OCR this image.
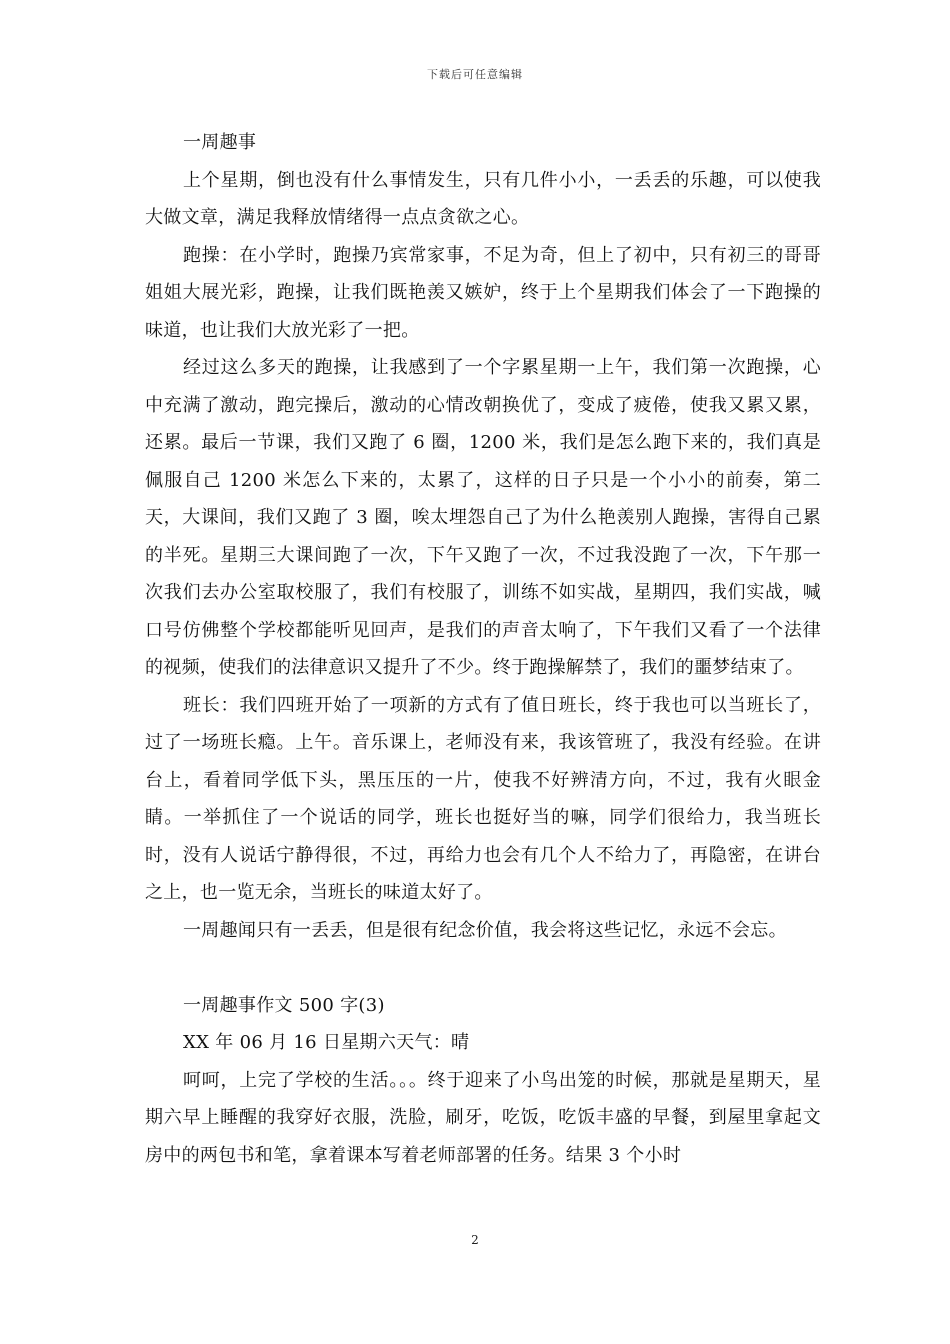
下载后可任意编辑

一周趣事

上个星期，倒也没有什么事情发生，只有几件小小，一丢丢的乐趣，可以使我大做文章，满足我释放情绪得一点点贪欲之心。

跑操：在小学时，跑操乃宾常家事，不足为奇，但上了初中，只有初三的哥哥姐姐大展光彩，跑操，让我们既艳羡又嫉妒，终于上个星期我们体会了一下跑操的味道，也让我们大放光彩了一把。

经过这么多天的跑操，让我感到了一个字累星期一上午，我们第一次跑操，心中充满了激动，跑完操后，激动的心情改朝换优了，变成了疲倦，使我又累又累，还累。最后一节课，我们又跑了 6 圈，1200 米，我们是怎么跑下来的，我们真是佩服自己 1200 米怎么下来的，太累了，这样的日子只是一个小小的前奏，第二天，大课间，我们又跑了 3 圈，唉太埋怨自己了为什么艳羡别人跑操，害得自己累的半死。星期三大课间跑了一次，下午又跑了一次，不过我没跑了一次，下午那一次我们去办公室取校服了，我们有校服了，训练不如实战，星期四，我们实战，喊口号仿佛整个学校都能听见回声，是我们的声音太响了，下午我们又看了一个法律的视频，使我们的法律意识又提升了不少。终于跑操解禁了，我们的噩梦结束了。

班长：我们四班开始了一项新的方式有了值日班长，终于我也可以当班长了，过了一场班长瘾。上午。音乐课上，老师没有来，我该管班了，我没有经验。在讲台上，看着同学低下头，黑压压的一片，使我不好辨清方向，不过，我有火眼金睛。一举抓住了一个说话的同学，班长也挺好当的嘛，同学们很给力，我当班长时，没有人说话宁静得很，不过，再给力也会有几个人不给力了，再隐密，在讲台之上，也一览无余，当班长的味道太好了。

一周趣闻只有一丢丢，但是很有纪念价值，我会将这些记忆，永远不会忘。

一周趣事作文 500 字(3)

XX 年 06 月 16 日星期六天气：晴

呵呵，上完了学校的生活。。。终于迎来了小鸟出笼的时候，那就是星期天，星期六早上睡醒的我穿好衣服，洗脸，刷牙，吃饭，吃饭丰盛的早餐，到屋里拿起文房中的两包书和笔，拿着课本写着老师部署的任务。结果 3 个小时

2
